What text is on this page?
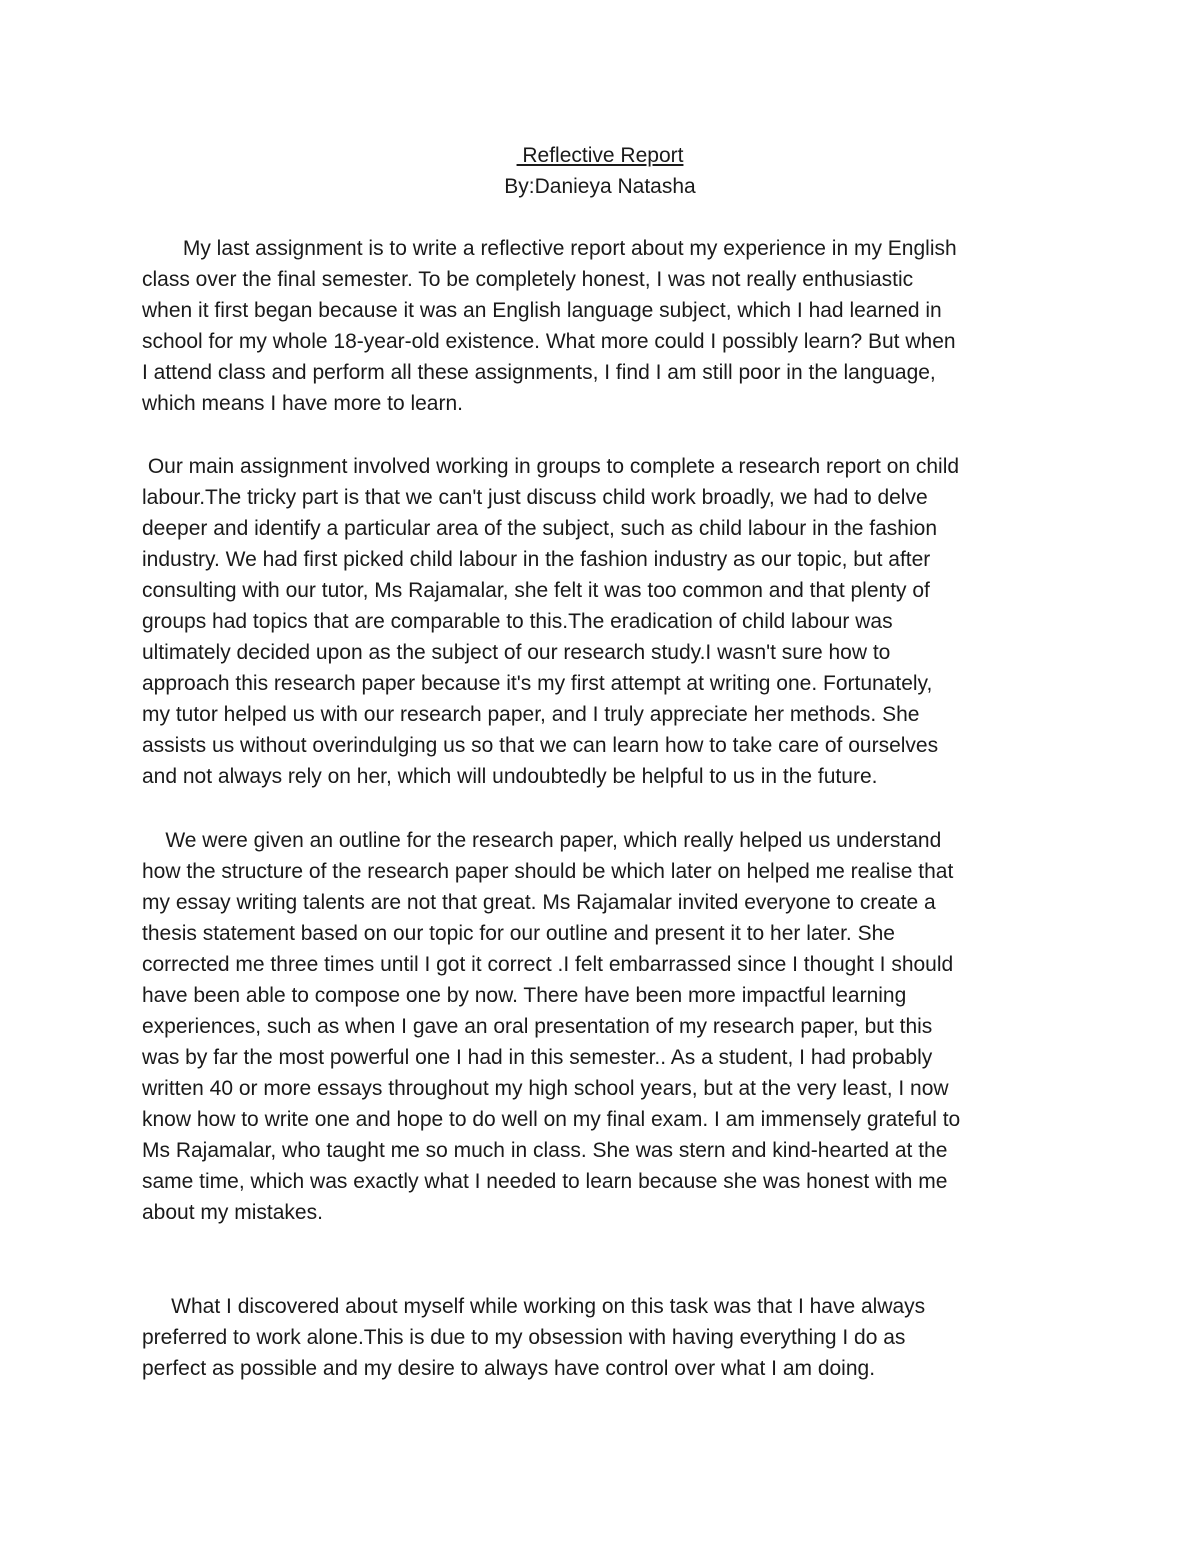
Reflective Report
By:Danieya Natasha
My last assignment is to write a reflective report about my experience in my English
class over the final semester. To be completely honest, I was not really enthusiastic
when it first began because it was an English language subject, which I had learned in
school for my whole 18-year-old existence. What more could I possibly learn? But when
I attend class and perform all these assignments, I find I am still poor in the language,
which means I have more to learn.
Our main assignment involved working in groups to complete a research report on child
labour.The tricky part is that we can't just discuss child work broadly, we had to delve
deeper and identify a particular area of the subject, such as child labour in the fashion
industry. We had first picked child labour in the fashion industry as our topic, but after
consulting with our tutor, Ms Rajamalar, she felt it was too common and that plenty of
groups had topics that are comparable to this.The eradication of child labour was
ultimately decided upon as the subject of our research study.I wasn't sure how to
approach this research paper because it's my first attempt at writing one. Fortunately,
my tutor helped us with our research paper, and I truly appreciate her methods. She
assists us without overindulging us so that we can learn how to take care of ourselves
and not always rely on her, which will undoubtedly be helpful to us in the future.
We were given an outline for the research paper, which really helped us understand
how the structure of the research paper should be which later on helped me realise that
my essay writing talents are not that great. Ms Rajamalar invited everyone to create a
thesis statement based on our topic for our outline and present it to her later. She
corrected me three times until I got it correct .I felt embarrassed since I thought I should
have been able to compose one by now. There have been more impactful learning
experiences, such as when I gave an oral presentation of my research paper, but this
was by far the most powerful one I had in this semester.. As a student, I had probably
written 40 or more essays throughout my high school years, but at the very least, I now
know how to write one and hope to do well on my final exam. I am immensely grateful to
Ms Rajamalar, who taught me so much in class. She was stern and kind-hearted at the
same time, which was exactly what I needed to learn because she was honest with me
about my mistakes.
What I discovered about myself while working on this task was that I have always
preferred to work alone.This is due to my obsession with having everything I do as
perfect as possible and my desire to always have control over what I am doing.
